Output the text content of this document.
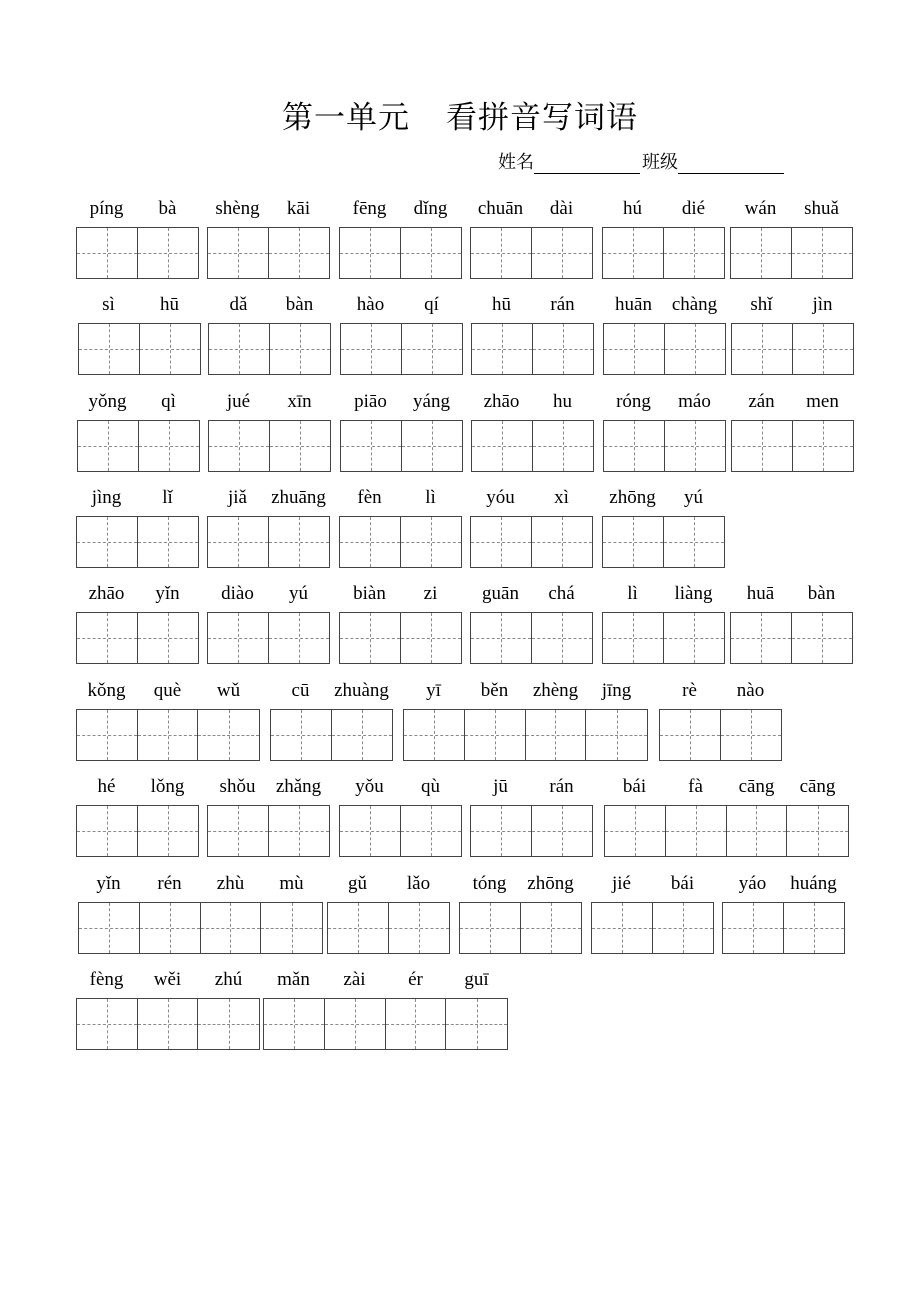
第一单元 看拼音写词语
姓名	班级
píng bà shèng kāi fēng dǐng chuān dài	hú dié wán shuǎ
sì hū	dǎ bàn hào qí	hū rán huān chàng shǐ jìn
yǒng qì	jué xīn piāo yáng zhāo hu róng máo zán men
jìng lǐ	jiǎ zhuāng fèn lì	yóu xì zhōng yú
zhāo yǐn diào yú biàn zi guān chá	lì liàng huā bàn
kǒng què wǔ	cū zhuàng yī běn zhèng jīng	rè nào
hé lǒng shǒu zhǎng yǒu qù	jū rán	bái fà cāng cāng
yǐn rén zhù mù gǔ lǎo tóng zhōng jié bái yáo huáng
fèng wěi zhú mǎn zài ér guī
